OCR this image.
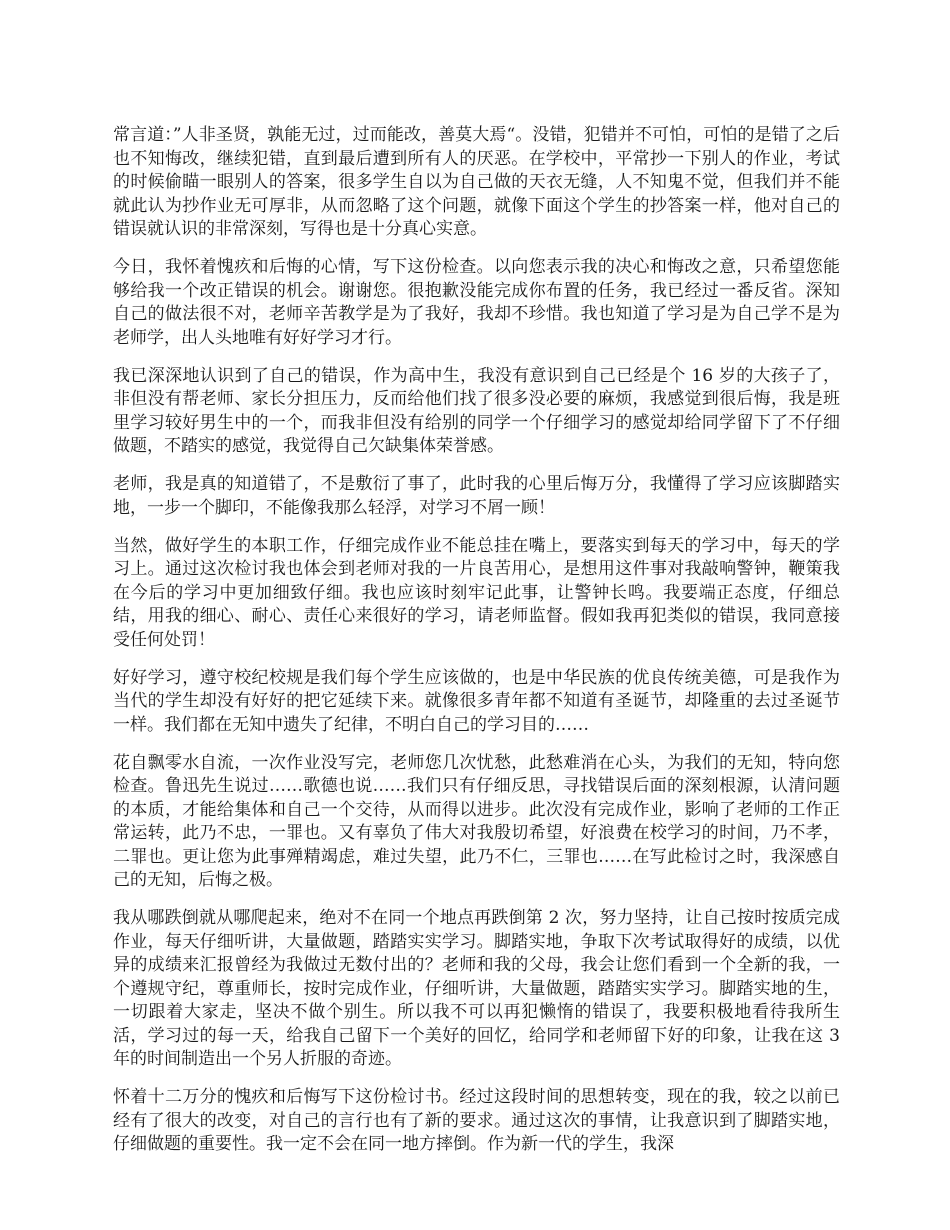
常言道：”人非圣贤，孰能无过，过而能改，善莫大焉“。没错，犯错并不可怕，可怕的是错了之后也不知悔改，继续犯错，直到最后遭到所有人的厌恶。在学校中，平常抄一下别人的作业，考试的时候偷瞄一眼别人的答案，很多学生自以为自己做的天衣无缝，人不知鬼不觉，但我们并不能就此认为抄作业无可厚非，从而忽略了这个问题，就像下面这个学生的抄答案一样，他对自己的错误就认识的非常深刻，写得也是十分真心实意。

今日，我怀着愧疚和后悔的心情，写下这份检查。以向您表示我的决心和悔改之意，只希望您能够给我一个改正错误的机会。谢谢您。很抱歉没能完成你布置的任务，我已经过一番反省。深知自己的做法很不对，老师辛苦教学是为了我好，我却不珍惜。我也知道了学习是为自己学不是为老师学，出人头地唯有好好学习才行。

我已深深地认识到了自己的错误，作为高中生，我没有意识到自己已经是个 16 岁的大孩子了，非但没有帮老师、家长分担压力，反而给他们找了很多没必要的麻烦，我感觉到很后悔，我是班里学习较好男生中的一个，而我非但没有给别的同学一个仔细学习的感觉却给同学留下了不仔细做题，不踏实的感觉，我觉得自己欠缺集体荣誉感。

老师，我是真的知道错了，不是敷衍了事了，此时我的心里后悔万分，我懂得了学习应该脚踏实地，一步一个脚印，不能像我那么轻浮，对学习不屑一顾！

当然，做好学生的本职工作，仔细完成作业不能总挂在嘴上，要落实到每天的学习中，每天的学习上。通过这次检讨我也体会到老师对我的一片良苦用心，是想用这件事对我敲响警钟，鞭策我在今后的学习中更加细致仔细。我也应该时刻牢记此事，让警钟长鸣。我要端正态度，仔细总结，用我的细心、耐心、责任心来很好的学习，请老师监督。假如我再犯类似的错误，我同意接受任何处罚！

好好学习，遵守校纪校规是我们每个学生应该做的，也是中华民族的优良传统美德，可是我作为当代的学生却没有好好的把它延续下来。就像很多青年都不知道有圣诞节，却隆重的去过圣诞节一样。我们都在无知中遗失了纪律，不明白自己的学习目的……

花自飘零水自流，一次作业没写完，老师您几次忧愁，此愁难消在心头，为我们的无知，特向您检查。鲁迅先生说过……歌德也说……我们只有仔细反思，寻找错误后面的深刻根源，认清问题的本质，才能给集体和自己一个交待，从而得以进步。此次没有完成作业，影响了老师的工作正常运转，此乃不忠，一罪也。又有辜负了伟大对我殷切希望，好浪费在校学习的时间，乃不孝，二罪也。更让您为此事殚精竭虑，难过失望，此乃不仁，三罪也……在写此检讨之时，我深感自己的无知，后悔之极。

我从哪跌倒就从哪爬起来，绝对不在同一个地点再跌倒第 2 次，努力坚持，让自己按时按质完成作业，每天仔细听讲，大量做题，踏踏实实学习。脚踏实地，争取下次考试取得好的成绩，以优异的成绩来汇报曾经为我做过无数付出的？老师和我的父母，我会让您们看到一个全新的我，一个遵规守纪，尊重师长，按时完成作业，仔细听讲，大量做题，踏踏实实学习。脚踏实地的生，一切跟着大家走，坚决不做个别生。所以我不可以再犯懒惰的错误了，我要积极地看待我所生活，学习过的每一天，给我自己留下一个美好的回忆，给同学和老师留下好的印象，让我在这 3 年的时间制造出一个另人折服的奇迹。

怀着十二万分的愧疚和后悔写下这份检讨书。经过这段时间的思想转变，现在的我，较之以前已经有了很大的改变，对自己的言行也有了新的要求。通过这次的事情，让我意识到了脚踏实地，仔细做题的重要性。我一定不会在同一地方摔倒。作为新一代的学生，我深
